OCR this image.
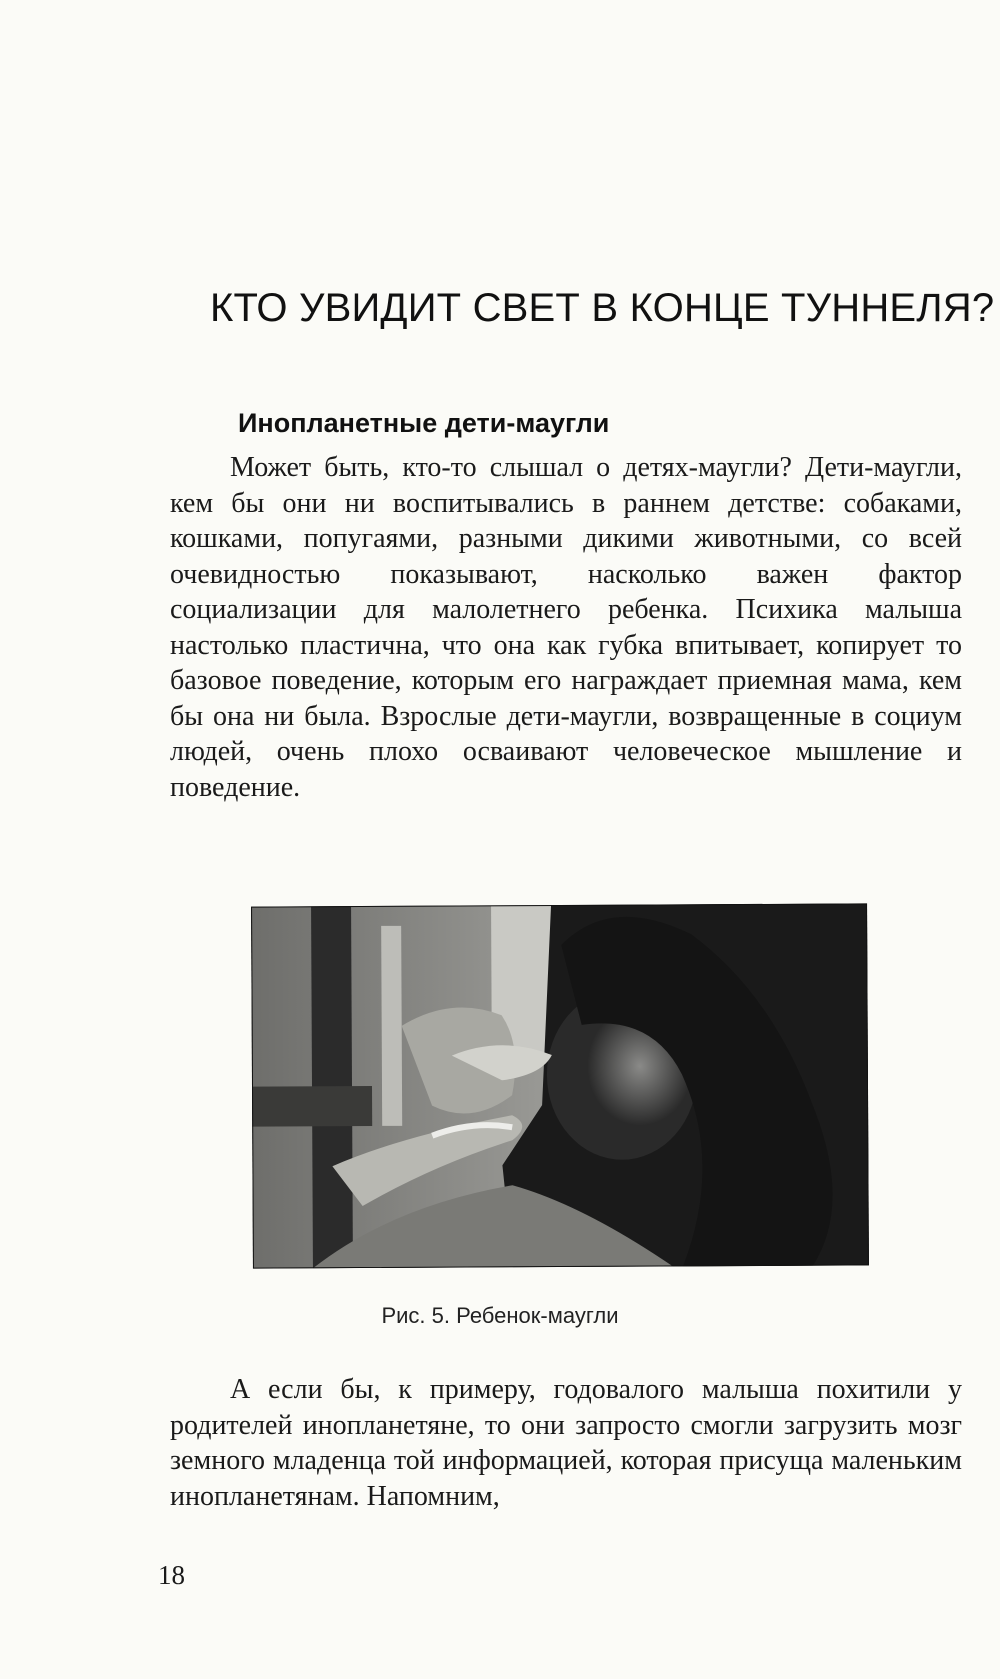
КТО УВИДИТ СВЕТ В КОНЦЕ ТУННЕЛЯ?
Инопланетные дети-маугли

Может быть, кто-то слышал о детях-маугли? Дети-маугли, кем бы они ни воспитывались в раннем детстве: собаками, кошками, попугаями, разными дикими животными, со всей очевидностью показывают, насколько важен фактор социализации для малолетнего ребенка. Психика малыша настолько пластична, что она как губка впитывает, копирует то базовое поведение, которым его награждает приемная мама, кем бы она ни была. Взрослые дети-маугли, возвращенные в социум людей, очень плохо осваивают человеческое мышление и поведение.

Рис. 5. Ребенок-маугли

А если бы, к примеру, годовалого малыша похитили у родителей инопланетяне, то они запросто смогли загрузить мозг земного младенца той информацией, которая присуща маленьким инопланетянам. Напомним,

18
